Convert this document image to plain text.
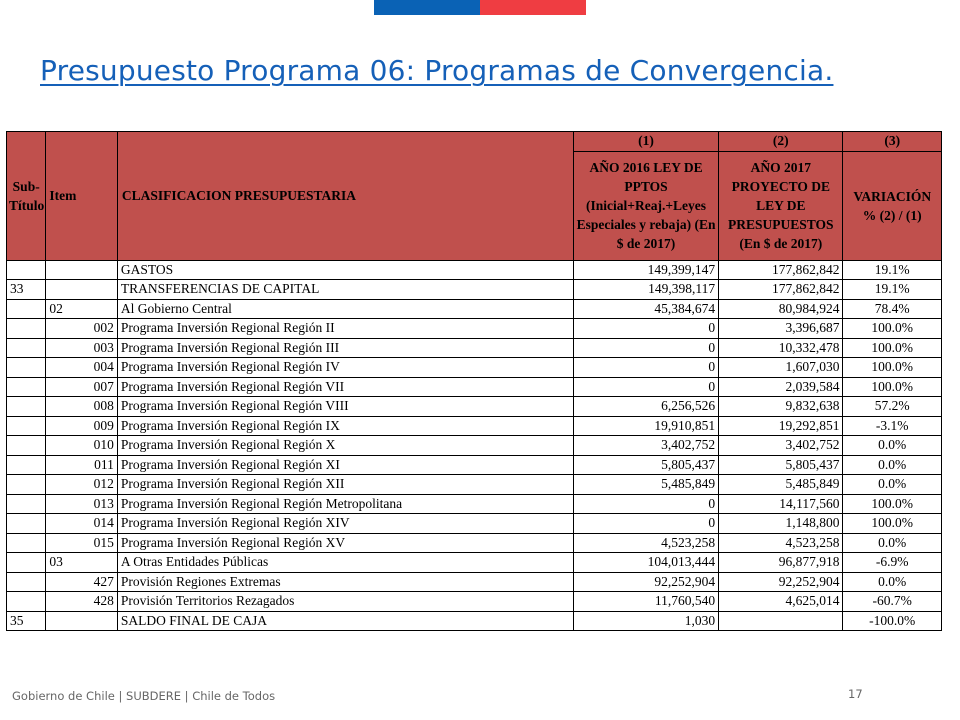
Presupuesto Programa 06: Programas de Convergencia.
Sub-Título	Item	CLASIFICACION PRESUPUESTARIA	(1)	(2)	(3)
			AÑO 2016 LEY DE PPTOS (Inicial+Reaj.+Leyes Especiales y rebaja) (En $ de 2017)	AÑO 2017 PROYECTO DE LEY DE PRESUPUESTOS (En $ de 2017)	VARIACIÓN % (2) / (1)
		GASTOS	149,399,147	177,862,842	19.1%
33		TRANSFERENCIAS DE CAPITAL	149,398,117	177,862,842	19.1%
	02	Al Gobierno Central	45,384,674	80,984,924	78.4%
	002	Programa Inversión Regional Región II	0	3,396,687	100.0%
	003	Programa Inversión Regional Región III	0	10,332,478	100.0%
	004	Programa Inversión Regional Región IV	0	1,607,030	100.0%
	007	Programa Inversión Regional Región VII	0	2,039,584	100.0%
	008	Programa Inversión Regional Región VIII	6,256,526	9,832,638	57.2%
	009	Programa Inversión Regional Región IX	19,910,851	19,292,851	-3.1%
	010	Programa Inversión Regional Región X	3,402,752	3,402,752	0.0%
	011	Programa Inversión Regional Región XI	5,805,437	5,805,437	0.0%
	012	Programa Inversión Regional Región XII	5,485,849	5,485,849	0.0%
	013	Programa Inversión Regional Región Metropolitana	0	14,117,560	100.0%
	014	Programa Inversión Regional Región XIV	0	1,148,800	100.0%
	015	Programa Inversión Regional Región XV	4,523,258	4,523,258	0.0%
	03	A Otras Entidades Públicas	104,013,444	96,877,918	-6.9%
	427	Provisión Regiones Extremas	92,252,904	92,252,904	0.0%
	428	Provisión Territorios Rezagados	11,760,540	4,625,014	-60.7%
35		SALDO FINAL DE CAJA	1,030		-100.0%
Gobierno de Chile | SUBDERE | Chile de Todos	17
